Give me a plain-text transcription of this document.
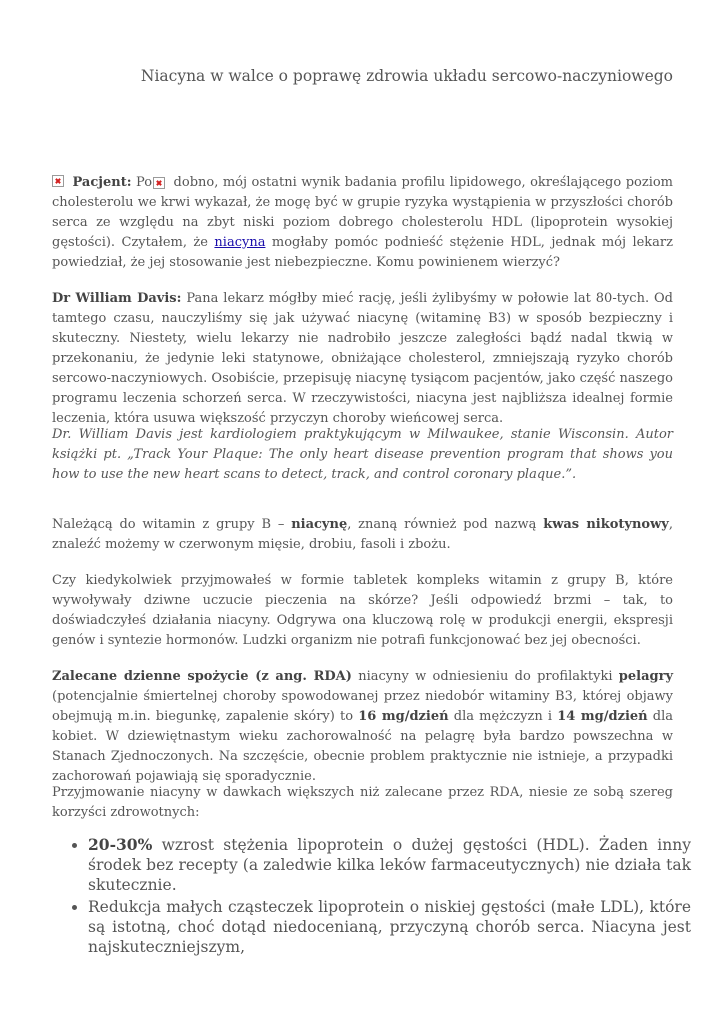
Niacyna w walce o poprawę zdrowia układu sercowo-naczyniowego

Pacjent: Po dobno, mój ostatni wynik badania profilu lipidowego, określającego poziom cholesterolu we krwi wykazał, że mogę być w grupie ryzyka wystąpienia w przyszłości chorób serca ze względu na zbyt niski poziom dobrego cholesterolu HDL (lipoprotein wysokiej gęstości). Czytałem, że niacyna mogłaby pomóc podnieść stężenie HDL, jednak mój lekarz powiedział, że jej stosowanie jest niebezpieczne. Komu powinienem wierzyć?

Dr William Davis: Pana lekarz mógłby mieć rację, jeśli żylibyśmy w połowie lat 80-tych. Od tamtego czasu, nauczyliśmy się jak używać niacynę (witaminę B3) w sposób bezpieczny i skuteczny. Niestety, wielu lekarzy nie nadrobiło jeszcze zaległości bądź nadal tkwią w przekonaniu, że jedynie leki statynowe, obniżające cholesterol, zmniejszają ryzyko chorób sercowo-naczyniowych. Osobiście, przepisuję niacynę tysiącom pacjentów, jako część naszego programu leczenia schorzeń serca. W rzeczywistości, niacyna jest najbliższa idealnej formie leczenia, która usuwa większość przyczyn choroby wieńcowej serca.

Dr. William Davis jest kardiologiem praktykującym w Milwaukee, stanie Wisconsin. Autor książki pt. „Track Your Plaque: The only heart disease prevention program that shows you how to use the new heart scans to detect, track, and control coronary plaque.”.

Należącą do witamin z grupy B – niacynę, znaną również pod nazwą kwas nikotynowy, znaleźć możemy w czerwonym mięsie, drobiu, fasoli i zbożu.

Czy kiedykolwiek przyjmowałeś w formie tabletek kompleks witamin z grupy B, które wywoływały dziwne uczucie pieczenia na skórze? Jeśli odpowiedź brzmi – tak, to doświadczyłeś działania niacyny. Odgrywa ona kluczową rolę w produkcji energii, ekspresji genów i syntezie hormonów. Ludzki organizm nie potrafi funkcjonować bez jej obecności.

Zalecane dzienne spożycie (z ang. RDA) niacyny w odniesieniu do profilaktyki pelagry (potencjalnie śmiertelnej choroby spowodowanej przez niedobór witaminy B3, której objawy obejmują m.in. biegunkę, zapalenie skóry) to 16 mg/dzień dla mężczyzn i 14 mg/dzień dla kobiet. W dziewiętnastym wieku zachorowalność na pelagrę była bardzo powszechna w Stanach Zjednoczonych. Na szczęście, obecnie problem praktycznie nie istnieje, a przypadki zachorowań pojawiają się sporadycznie.

Przyjmowanie niacyny w dawkach większych niż zalecane przez RDA, niesie ze sobą szereg korzyści zdrowotnych:

• 20-30% wzrost stężenia lipoprotein o dużej gęstości (HDL). Żaden inny środek bez recepty (a zaledwie kilka leków farmaceutycznych) nie działa tak skutecznie.
• Redukcja małych cząsteczek lipoprotein o niskiej gęstości (małe LDL), które są istotną, choć dotąd niedocenianą, przyczyną chorób serca. Niacyna jest najskuteczniejszym,
